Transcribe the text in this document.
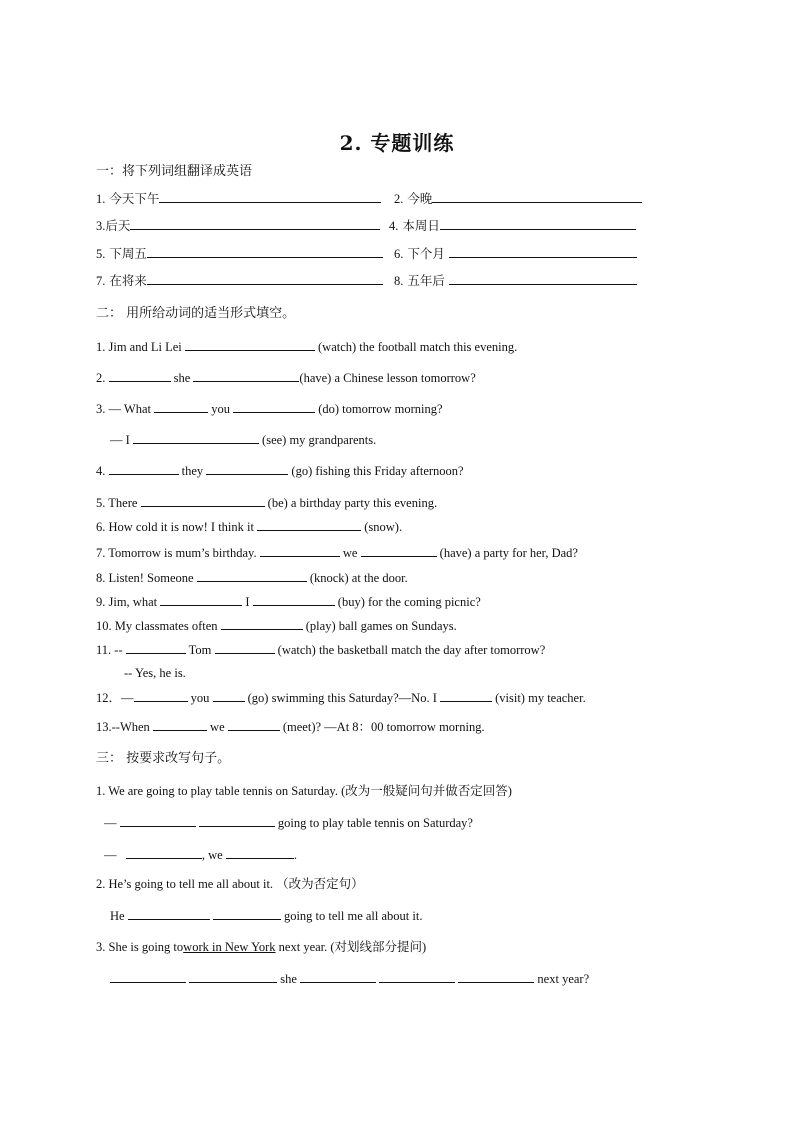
2. 专题训练
一：将下列词组翻译成英语
1. 今天下午	2. 今晚
3.后天	4. 本周日
5. 下周五	6. 下个月
7. 在将来	8. 五年后
二： 用所给动词的适当形式填空。
1. Jim and Li Lei	(watch) the football match this evening.
2.	she	(have) a Chinese lesson tomorrow?
3. — What	you	(do) tomorrow morning?
— I	(see) my grandparents.
4.	they	(go) fishing this Friday afternoon?
5. There	(be) a birthday party this evening.
6. How cold it is now! I think it	(snow).
7. Tomorrow is mum’s birthday.	we	(have) a party for her, Dad?
8. Listen! Someone	(knock) at the door.
9. Jim, what	I	(buy) for the coming picnic?
10. My classmates often	(play) ball games on Sundays.
11. --	Tom	(watch) the basketball match the day after tomorrow?
-- Yes, he is.
12．—	you	(go) swimming this Saturday?—No. I	(visit) my teacher.
13.--When	we	(meet)? —At 8：00 tomorrow morning.
三： 按要求改写句子。
1. We are going to play table tennis on Saturday. (改为一般疑问句并做否定回答)
—	going to play table tennis on Saturday?
—	, we	.
2. He’s going to tell me all about it. （改为否定句）
He	going to tell me all about it.
3. She is going towork in New York next year. (对划线部分提问)
she	next year?
